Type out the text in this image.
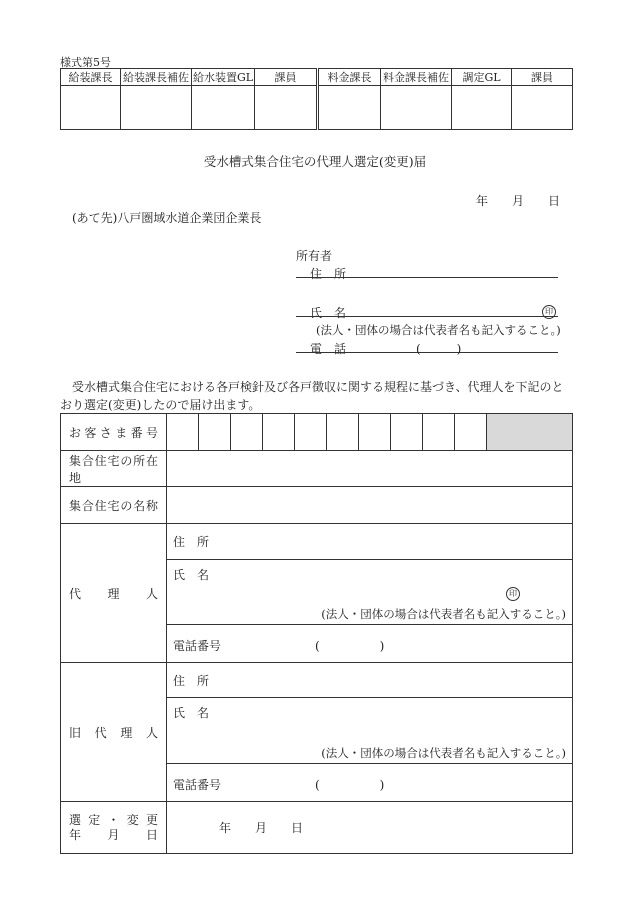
様式第5号
給装課長	給装課長補佐	給水装置GL	課員	料金課長	料金課長補佐	調定GL	課員

受水槽式集合住宅の代理人選定(変更)届
年 月 日
(あて先)八戸圏域水道企業団企業長
所有者
住　所
氏　名	印
(法人・団体の場合は代表者名も記入すること。)
電　話	(　　　)
受水槽式集合住宅における各戸検針及び各戸徴収に関する規程に基づき、代理人を下記のとおり選定(変更)したので届け出ます。
お客さま番号											
集合住宅の所在地											
集合住宅の名称											
代　　理　　人	住　所										

	氏　名
印
(法人・団体の場合は代表者名も記入すること。)										

	電話番号 (　　　　　)										

旧　代　理　人	住　所										

	氏　名
(法人・団体の場合は代表者名も記入すること。)										

	電話番号 (　　　　　)										

選 定 ・ 変 更
年　　月　　日	年　　月　　日										
